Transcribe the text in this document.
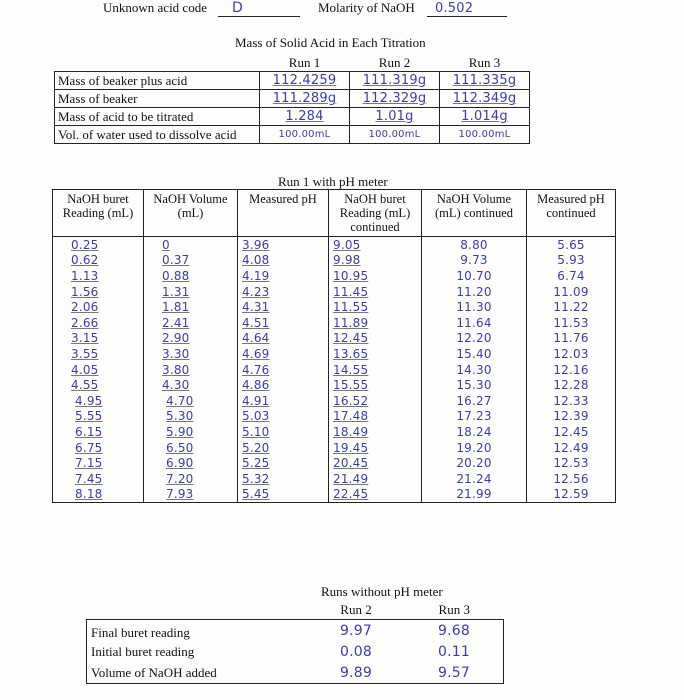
Unknown acid code D	Molarity of NaOH 0.502
Mass of Solid Acid in Each Titration
	Run 1	Run 2	Run 3
Mass of beaker plus acid	112.4259	111.319g	111.335g
Mass of beaker	111.289g	112.329g	112.349g
Mass of acid to be titrated	1.284	1.01g	1.014g
Vol. of water used to dissolve acid	100.00mL	100.00mL	100.00mL
Run 1 with pH meter
NaOH buret Reading (mL)	NaOH Volume (mL)	Measured pH	NaOH buret Reading (mL) continued	NaOH Volume (mL) continued	Measured pH continued
0.25	0	3.96	9.05	8.80	5.65
0.62	0.37	4.08	9.98	9.73	5.93
1.13	0.88	4.19	10.95	10.70	6.74
1.56	1.31	4.23	11.45	11.20	11.09
2.06	1.81	4.31	11.55	11.30	11.22
2.66	2.41	4.51	11.89	11.64	11.53
3.15	2.90	4.64	12.45	12.20	11.76
3.55	3.30	4.69	13.65	15.40	12.03
4.05	3.80	4.76	14.55	14.30	12.16
4.55	4.30	4.86	15.55	15.30	12.28
4.95	4.70	4.91	16.52	16.27	12.33
5.55	5.30	5.03	17.48	17.23	12.39
6.15	5.90	5.10	18.49	18.24	12.45
6.75	6.50	5.20	19.45	19.20	12.49
7.15	6.90	5.25	20.45	20.20	12.53
7.45	7.20	5.32	21.49	21.24	12.56
8.18	7.93	5.45	22.45	21.99	12.59
Runs without pH meter
	Run 2	Run 3
Final buret reading	9.97	9.68
Initial buret reading	0.08	0.11
Volume of NaOH added	9.89	9.57
